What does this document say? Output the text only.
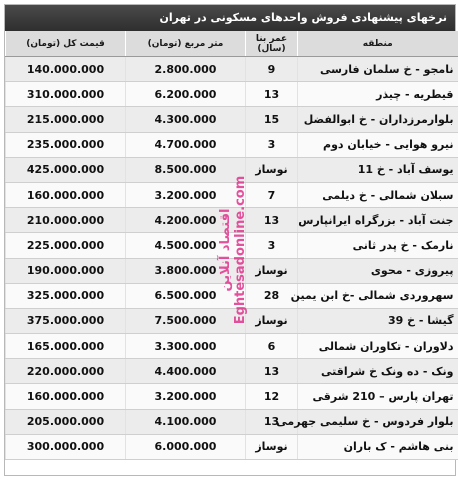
نرخهای پیشنهادی فروش واحدهای مسکونی در تهران
منطقه	عمر بنا (سال)	متر مربع (تومان)	قیمت کل (تومان)
نامجو - خ سلمان فارسی	9	2.800.000	140.000.000
قیطریه - چیذر	13	6.200.000	310.000.000
بلوارمرزداران - خ ابوالفضل	15	4.300.000	215.000.000
نیرو هوایی - خیابان دوم	3	4.700.000	235.000.000
یوسف آباد - خ 11	نوساز	8.500.000	425.000.000
سبلان شمالی - خ دیلمی	7	3.200.000	160.000.000
جنت آباد - بزرگراه ایرانپارس	13	4.200.000	210.000.000
نارمک - خ پدر ثانی	3	4.500.000	225.000.000
پیروزی - محوی	نوساز	3.800.000	190.000.000
سهروردی شمالی -خ ابن یمین	28	6.500.000	325.000.000
گیشا - خ 39	نوساز	7.500.000	375.000.000
دلاوران - تکاوران شمالی	6	3.300.000	165.000.000
ونک - ده ونک خ شراقتی	13	4.400.000	220.000.000
تهران پارس – 210 شرقی	12	3.200.000	160.000.000
بلوار فردوس - خ سلیمی جهرمی	13	4.100.000	205.000.000
بنی هاشم - ک باران	نوساز	6.000.000	300.000.000
اقتصاد آنلاین Eghtesadonline.com
